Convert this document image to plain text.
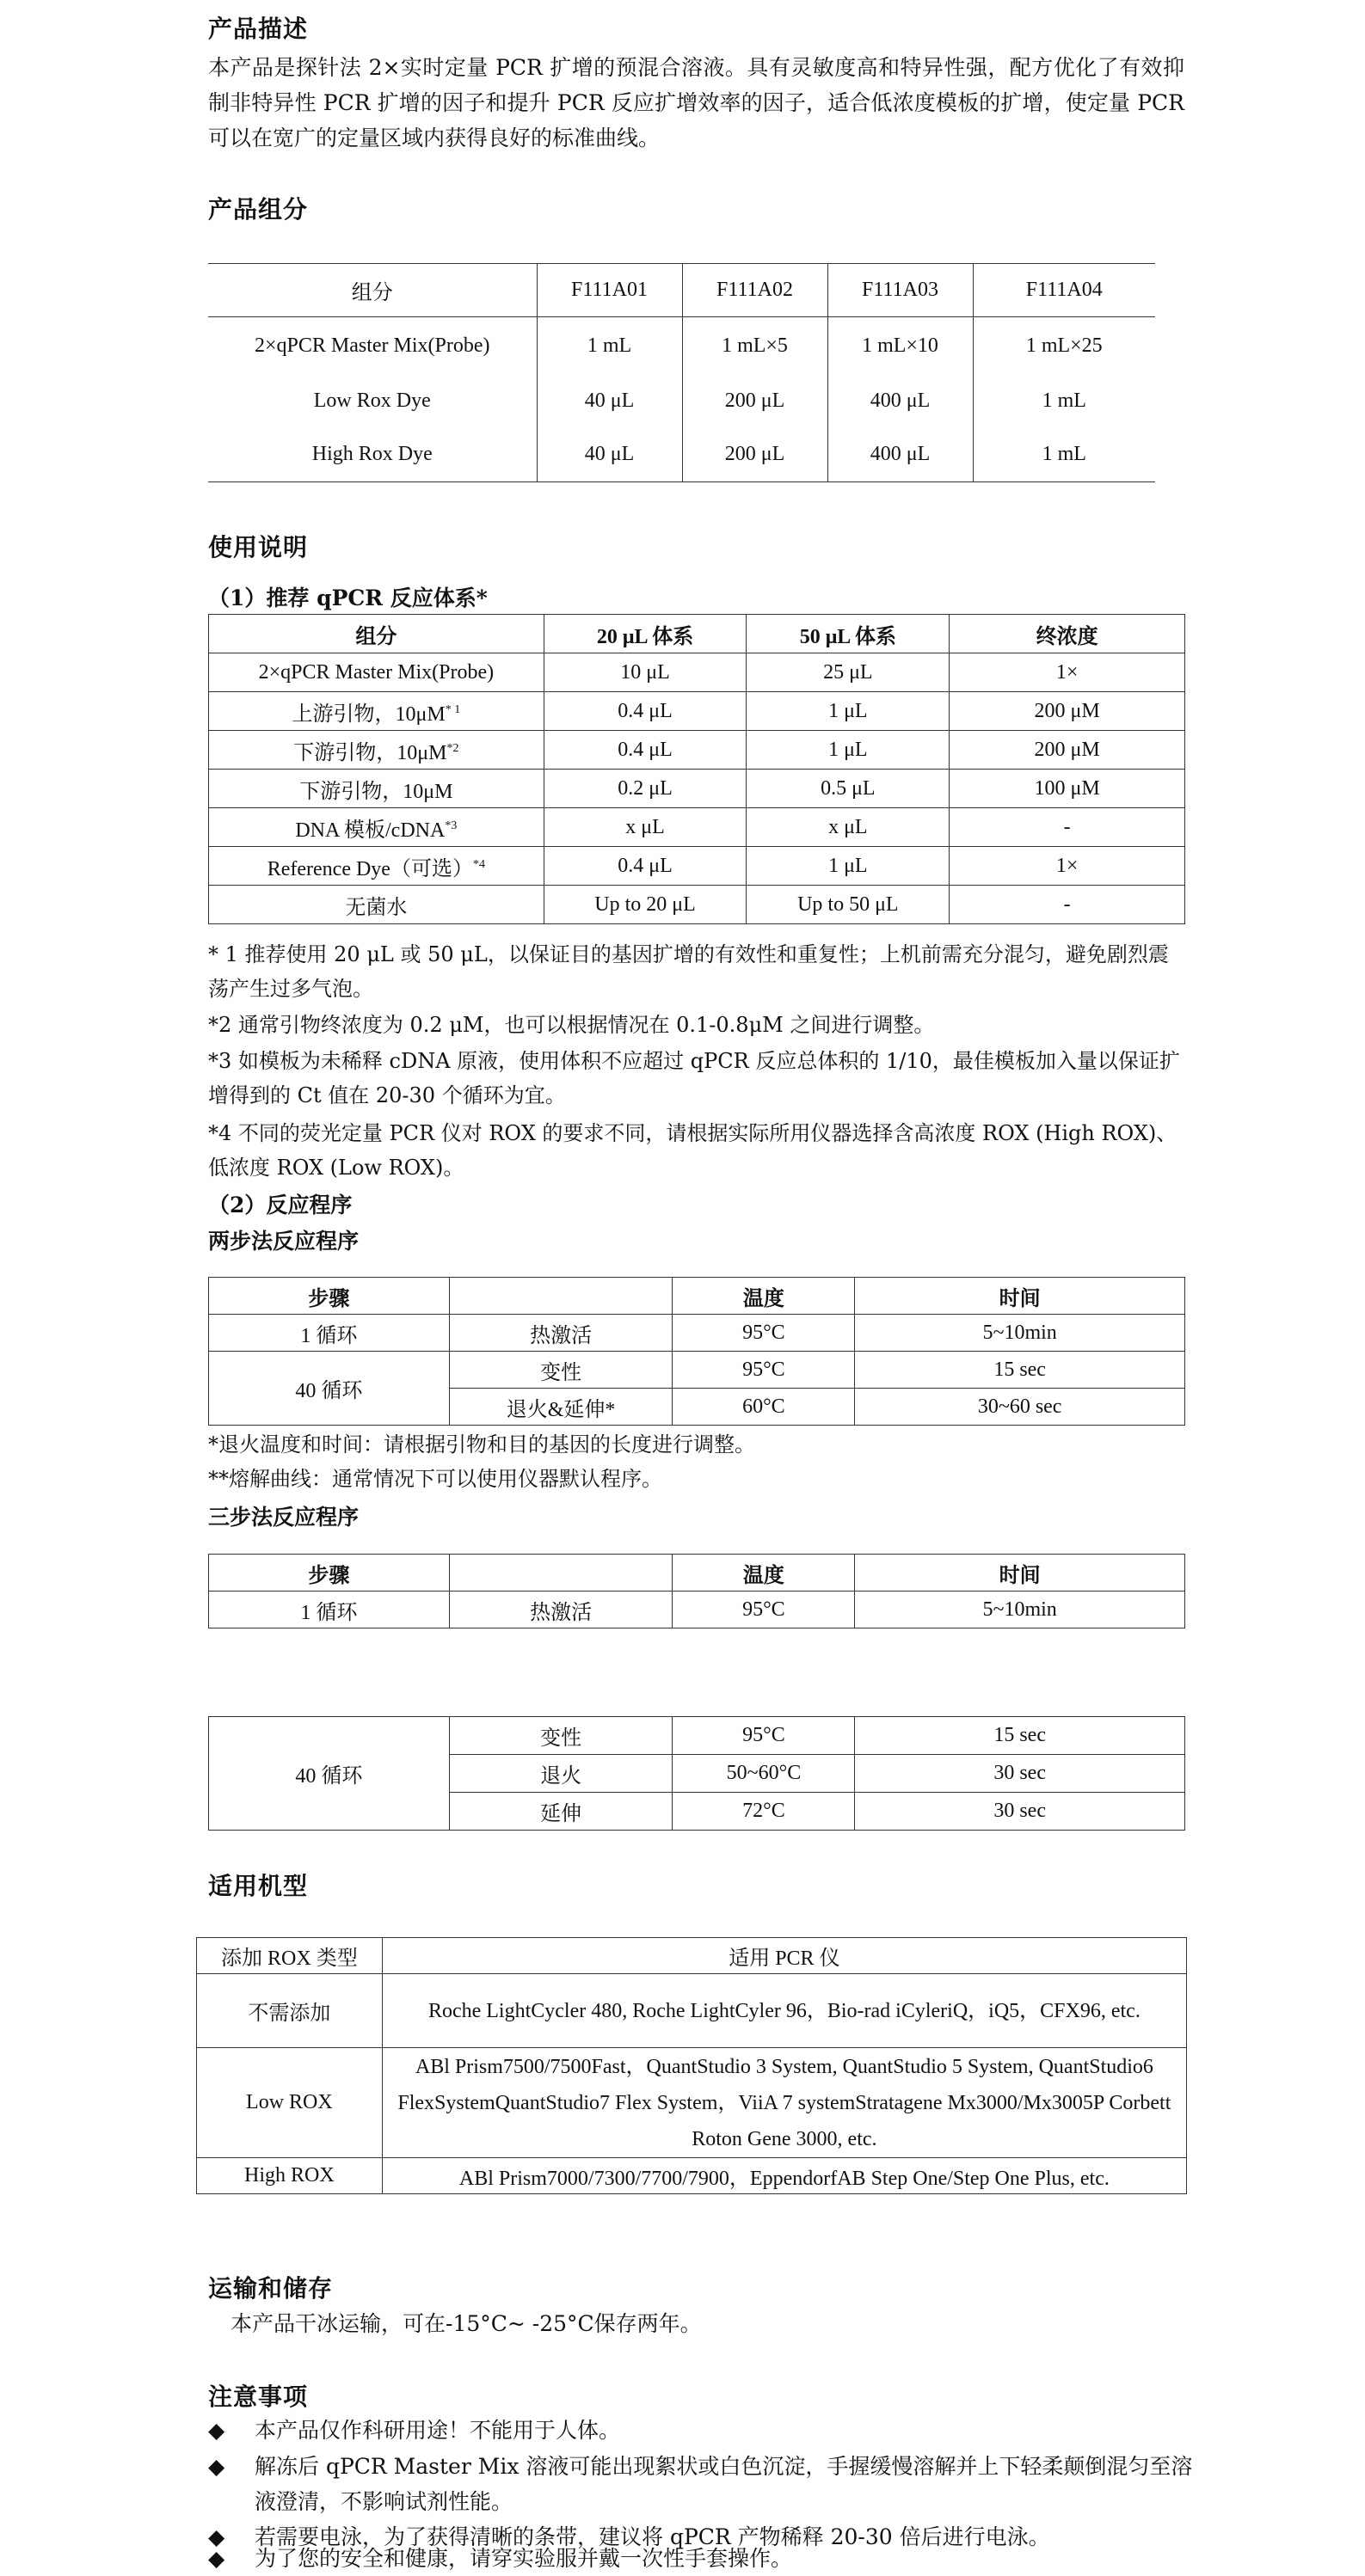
产品描述
本产品是探针法 2×实时定量 PCR 扩增的预混合溶液。具有灵敏度高和特异性强，配方优化了有效抑制非特异性 PCR 扩增的因子和提升 PCR 反应扩增效率的因子，适合低浓度模板的扩增，使定量 PCR 可以在宽广的定量区域内获得良好的标准曲线。
产品组分
组分	F111A01	F111A02	F111A03	F111A04
2×qPCR Master Mix(Probe)	1 mL	1 mL×5	1 mL×10	1 mL×25
Low Rox Dye	40 μL	200 μL	400 μL	1 mL
High Rox Dye	40 μL	200 μL	400 μL	1 mL
使用说明
（1）推荐 qPCR 反应体系*
组分	20 μL 体系	50 μL 体系	终浓度
2×qPCR Master Mix(Probe)	10 μL	25 μL	1×
上游引物，$10\mu M^{* 1}$	0.4 μL	1 μL	200 μM
下游引物，$10\mu M^{*2}$	0.4 μL	1 μL	200 μM
下游引物，10μM	0.2 μL	0.5 μL	100 μM
DNA 模板/cDNA$^{*3}$	x μL	x μL	-
Reference Dye（可选）$^{*4}$	0.4 μL	1 μL	1×
无菌水	Up to 20 μL	Up to 50 μL	-
* 1 推荐使用 20 μL 或 50 μL，以保证目的基因扩增的有效性和重复性；上机前需充分混匀，避免剧烈震荡产生过多气泡。
*2 通常引物终浓度为 0.2 μM，也可以根据情况在 0.1-0.8μM 之间进行调整。
*3 如模板为未稀释 cDNA 原液，使用体积不应超过 qPCR 反应总体积的 1/10，最佳模板加入量以保证扩增得到的 Ct 值在 20-30 个循环为宜。
*4 不同的荧光定量 PCR 仪对 ROX 的要求不同，请根据实际所用仪器选择含高浓度 ROX (High ROX)、低浓度 ROX (Low ROX)。
（2）反应程序
两步法反应程序
步骤		温度	时间
1 循环	热激活	95°C	5~10min
40 循环	变性	95°C	15 sec
	退火&延伸*	60°C	30~60 sec
*退火温度和时间：请根据引物和目的基因的长度进行调整。
**熔解曲线：通常情况下可以使用仪器默认程序。
三步法反应程序
步骤		温度	时间
1 循环	热激活	95°C	5~10min
40 循环	变性	95°C	15 sec
	退火	50~60°C	30 sec
	延伸	72°C	30 sec
适用机型
添加 ROX 类型	适用 PCR 仪
不需添加	Roche LightCycler 480, Roche LightCyler 96，Bio-rad iCyleriQ，iQ5，CFX96, etc.
Low ROX	ABl Prism7500/7500Fast，QuantStudio 3 System, QuantStudio 5 System, QuantStudio6 FlexSystemQuantStudio7 Flex System，ViiA 7 systemStratagene Mx3000/Mx3005P Corbett Roton Gene 3000, etc.
High ROX	ABl Prism7000/7300/7700/7900，EppendorfAB Step One/Step One Plus, etc.
运输和储存
本产品干冰运输，可在-15°C~ -25°C保存两年。
注意事项
◆ 本产品仅作科研用途！不能用于人体。
◆ 解冻后 qPCR Master Mix 溶液可能出现絮状或白色沉淀，手握缓慢溶解并上下轻柔颠倒混匀至溶液澄清，不影响试剂性能。
◆ 若需要电泳，为了获得清晰的条带，建议将 qPCR 产物稀释 20-30 倍后进行电泳。
◆ 为了您的安全和健康，请穿实验服并戴一次性手套操作。
